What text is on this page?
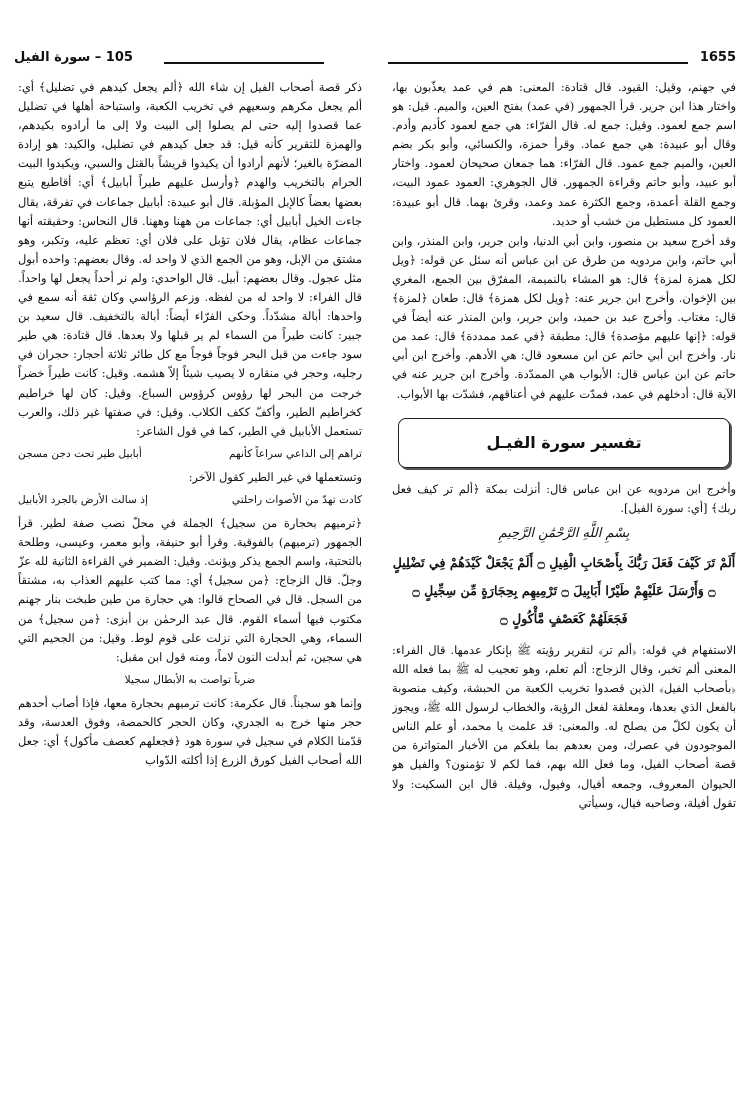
1655
105 – سورة الفيل

في جهنم، وقيل: القيود. قال قتادة: المعنى: هم في عمد يعذّبون بها، واختار هذا ابن جرير. قرأ الجمهور (في عمد) بفتح العين، والميم. قيل: هو اسم جمع لعمود. وقيل: جمع له. قال الفرّاء: هي جمع لعمود كأديم وأدم. وقال أبو عبيدة: هي جمع عماد. وقرأ حمزة، والكسائي، وأبو بكر بضم العين، والميم جمع عمود. قال الفرّاء: هما جمعان صحيحان لعمود. واختار أبو عبيد، وأبو حاتم وقراءة الجمهور. قال الجوهري: العمود عمود البيت، وجمع القلة أعمدة، وجمع الكثرة عمد وعمد، وقرئ بهما. قال أبو عبيدة: العمود كل مستطيل من خشب أو حديد.

وقد أخرج سعيد بن منصور، وابن أبي الدنيا، وابن جرير، وابن المنذر، وابن أبي حاتم، وابن مردويه من طرق عن ابن عباس أنه سئل عن قوله: ﴿ويل لكل همزة لمزة﴾ قال: هو المشاء بالنميمة، المفرّق بين الجمع، المغري بين الإخوان. وأخرج ابن جرير عنه: ﴿ويل لكل همزة﴾ قال: طعان ﴿لمزة﴾ قال: مغتاب. وأخرج عبد بن حميد، وابن جرير، وابن المنذر عنه أيضاً في قوله: ﴿إنها عليهم مؤصدة﴾ قال: مطبقة ﴿في عمد ممددة﴾ قال: عمد من نار. وأخرج ابن أبي حاتم عن ابن مسعود قال: هي الأدهم. وأخرج ابن أبي حاتم عن ابن عباس قال: الأبواب هي الممدّدة. وأخرج ابن جرير عنه في الآية قال: أدخلهم في عمد، فمدّت عليهم في أعناقهم، فشدّت بها الأبواب.

تفسير سورة الفيـل

وأخرج ابن مردويه عن ابن عباس قال: أنزلت بمكة ﴿ألم تر كيف فعل ربك﴾ [أي: سورة الفيل].

بِسْمِ اللَّهِ الرَّحْمَٰنِ الرَّحِيمِ
أَلَمْ تَرَ كَيْفَ فَعَلَ رَبُّكَ بِأَصْحَابِ الْفِيلِ ۝ أَلَمْ يَجْعَلْ كَيْدَهُمْ فِي تَضْلِيلٍ ۝ وَأَرْسَلَ عَلَيْهِمْ طَيْرًا أَبَابِيلَ ۝ تَرْمِيهِم بِحِجَارَةٍ مِّن سِجِّيلٍ ۝ فَجَعَلَهُمْ كَعَصْفٍ مَّأْكُولٍ ۝

الاستفهام في قوله: ﴿ألم تر﴾ لتقرير رؤيته ﷺ بإنكار عدمها. قال الفراء: المعنى ألم تخبر، وقال الزجاج: ألم تعلم، وهو تعجيب له ﷺ بما فعله الله ﴿بأصحاب الفيل﴾ الذين قصدوا تخريب الكعبة من الحبشة، وكيف منصوبة بالفعل الذي بعدها، ومعلقة لفعل الرؤية، والخطاب لرسول الله ﷺ، ويجوز أن يكون لكلّ من يصلح له. والمعنى: قد علمت يا محمد، أو علم الناس الموجودون في عصرك، ومن بعدهم بما بلغكم من الأخبار المتواترة من قصة أصحاب الفيل، وما فعل الله بهم، فما لكم لا تؤمنون؟ والفيل هو الحيوان المعروف، وجمعه أفيال، وفيول، وفيلة. قال ابن السكيت: ولا تقول أفيلة، وصاحبه فيال، وسيأتي

ذكر قصة أصحاب الفيل إن شاء الله ﴿ألم يجعل كيدهم في تضليل﴾ أي: ألم يجعل مكرهم وسعيهم في تخريب الكعبة، واستباحة أهلها في تضليل عما قصدوا إليه حتى لم يصلوا إلى البيت ولا إلى ما أرادوه بكيدهم، والهمزة للتقرير كأنه قيل: قد جعل كيدهم في تضليل، والكيد: هو إرادة المضرّة بالغير؛ لأنهم أرادوا أن يكيدوا قريشاً بالقتل والسبي، ويكيدوا البيت الحرام بالتخريب والهدم ﴿وأرسل عليهم طيراً أبابيل﴾ أي: أقاطيع يتبع بعضها بعضاً كالإبل المؤبلة. قال أبو عبيدة: أبابيل جماعات في تفرقة، يقال جاءت الخيل أبابيل أي: جماعات من ههنا وههنا. قال النحاس: وحقيقته أنها جماعات عظام، يقال فلان تؤبل على فلان أي: تعظم عليه، وتكبر، وهو مشتق من الإبل، وهو من الجمع الذي لا واحد له. وقال بعضهم: واحده أبول مثل عجول. وقال بعضهم: أبيل. قال الواحدي: ولم نر أحداً يجعل لها واحداً. قال الفراء: لا واحد له من لفظه. وزعم الرؤاسي وكان ثقة أنه سمع في واحدها: أبالة مشدّداً. وحكى الفرّاء أيضاً: أبالة بالتخفيف. قال سعيد بن جبير: كانت طيراً من السماء لم ير قبلها ولا بعدها. قال قتادة: هي طير سود جاءت من قبل البحر فوجاً فوجاً مع كل طائر ثلاثة أحجار: حجران في رجليه، وحجر في منقاره لا يصيب شيئاً إلاّ هشمه. وقيل: كانت طيراً خضراً خرجت من البحر لها رؤوس كرؤوس السباع. وقيل: كان لها خراطيم كخراطيم الطير، وأكفّ ككف الكلاب. وقيل: في صفتها غير ذلك، والعرب تستعمل الأبابيل في الطير، كما في قول الشاعر:

تراهم إلى الداعي سراعاً كأنهم
أبابيل طير تحت دجن مسجن

وتستعملها في غير الطير كقول الآخر:

كادت تهدّ من الأصوات راحلتي
إذ سالت الأرض بالجرد الأبابيل

﴿ترميهم بحجارة من سجيل﴾ الجملة في محلّ نصب صفة لطير. قرأ الجمهور (ترميهم) بالفوقية. وقرأ أبو حنيفة، وأبو معمر، وعيسى، وطلحة بالتحتية، واسم الجمع يذكر ويؤنث. وقيل: الضمير في القراءة الثانية لله عزّ وجلّ. قال الزجاج: ﴿من سجيل﴾ أي: مما كتب عليهم العذاب به، مشتقاً من السجل. قال في الصحاح قالوا: هي حجارة من طين طبخت بنار جهنم مكتوب فيها أسماء القوم. قال عبد الرحمٰن بن أبزى: ﴿من سجيل﴾ من السماء، وهي الحجارة التي نزلت على قوم لوط. وقيل: من الجحيم التي هي سجين، ثم أبدلت النون لاماً، ومنه قول ابن مقبل:

ضرباً تواصت به الأبطال سجيلا

وإنما هو سجيناً. قال عكرمة: كانت ترميهم بحجارة معها، فإذا أصاب أحدهم حجر منها خرج به الجدري، وكان الحجر كالحمصة، وفوق العدسة، وقد قدّمنا الكلام في سجيل في سورة هود ﴿فجعلهم كعصف مأكول﴾ أي: جعل الله أصحاب الفيل كورق الزرع إذا أكلته الدّواب
